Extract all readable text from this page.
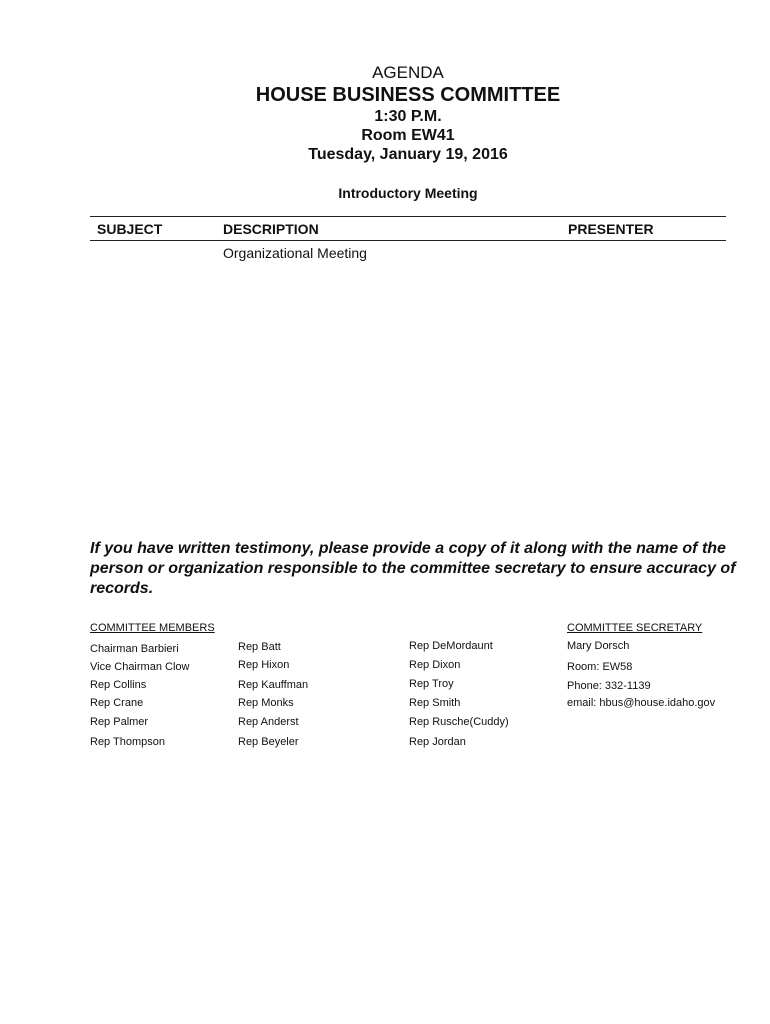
AGENDA
HOUSE BUSINESS COMMITTEE
1:30 P.M.
Room EW41
Tuesday, January 19, 2016
Introductory Meeting
SUBJECT	DESCRIPTION	PRESENTER
Organizational Meeting
If you have written testimony, please provide a copy of it along with the name of the person or organization responsible to the committee secretary to ensure accuracy of records.
COMMITTEE MEMBERS
Chairman Barbieri
Vice Chairman Clow
Rep Collins
Rep Crane
Rep Palmer
Rep Thompson
Rep Batt
Rep Hixon
Rep Kauffman
Rep Monks
Rep Anderst
Rep Beyeler
Rep DeMordaunt
Rep Dixon
Rep Troy
Rep Smith
Rep Rusche(Cuddy)
Rep Jordan
COMMITTEE SECRETARY
Mary Dorsch
Room: EW58
Phone: 332-1139
email: hbus@house.idaho.gov
